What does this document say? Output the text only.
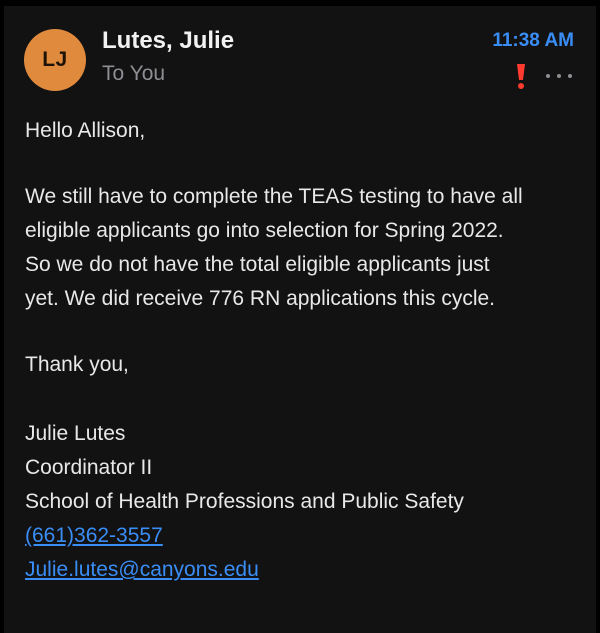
LJ
Lutes, Julie
To You
11:38 AM

Hello Allison,

We still have to complete the TEAS testing to have all
eligible applicants go into selection for Spring 2022.
So we do not have the total eligible applicants just
yet. We did receive 776 RN applications this cycle.

Thank you,

Julie Lutes
Coordinator II
School of Health Professions and Public Safety
(661)362-3557
Julie.lutes@canyons.edu
